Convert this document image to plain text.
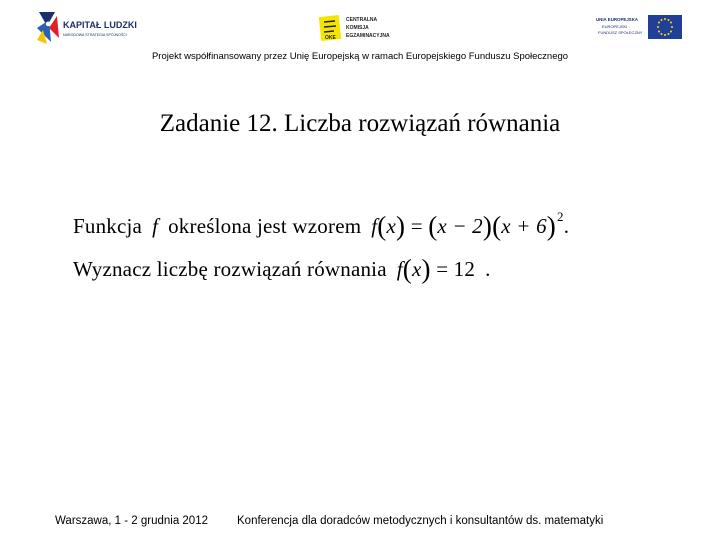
KAPITAŁ LUDZKI
NARODOWA STRATEGIA SPÓJNOŚCI	OKE
CENTRALNA
KOMISJA
EGZAMINACYJNA
UNIA EUROPEJSKA
EUROPEJSKI
FUNDUSZ SPOŁECZNY
Projekt współfinansowany przez Unię Europejską w ramach Europejskiego Funduszu Społecznego
Zadanie 12. Liczba rozwiązań równania
Funkcja f określona jest wzorem $f(x) = (x - 2)(x + 6)^2$.
Wyznacz liczbę rozwiązań równania f(x) = 12 .
Warszawa, 1 - 2 grudnia 2012	Konferencja dla doradców metodycznych i konsultantów ds. matematyki
